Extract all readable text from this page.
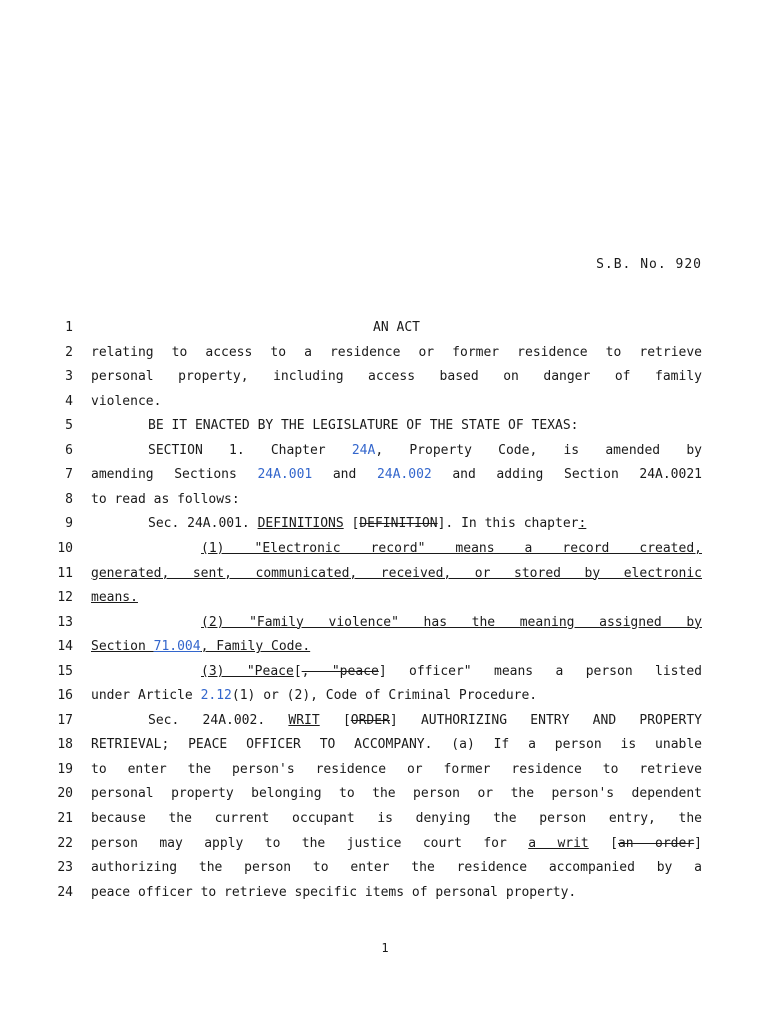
S.B. No. 920
1	AN ACT
2 relating to access to a residence or former residence to retrieve
3 personal property, including access based on danger of family
4 violence.
5	BE IT ENACTED BY THE LEGISLATURE OF THE STATE OF TEXAS:
6	SECTION 1. Chapter 24A, Property Code, is amended by
7 amending Sections 24A.001 and 24A.002 and adding Section 24A.0021
8 to read as follows:
9	Sec. 24A.001. DEFINITIONS [DEFINITION]. In this chapter:
10	(1) "Electronic record" means a record created,
11 generated, sent, communicated, received, or stored by electronic
12 means.
13	(2) "Family violence" has the meaning assigned by
14 Section 71.004, Family Code.
15	(3) "Peace[, "peace] officer" means a person listed
16 under Article 2.12(1) or (2), Code of Criminal Procedure.
17	Sec. 24A.002. WRIT [ORDER] AUTHORIZING ENTRY AND PROPERTY
18 RETRIEVAL; PEACE OFFICER TO ACCOMPANY. (a) If a person is unable
19 to enter the person's residence or former residence to retrieve
20 personal property belonging to the person or the person's dependent
21 because the current occupant is denying the person entry, the
22 person may apply to the justice court for a writ [an order]
23 authorizing the person to enter the residence accompanied by a
24 peace officer to retrieve specific items of personal property.
1
